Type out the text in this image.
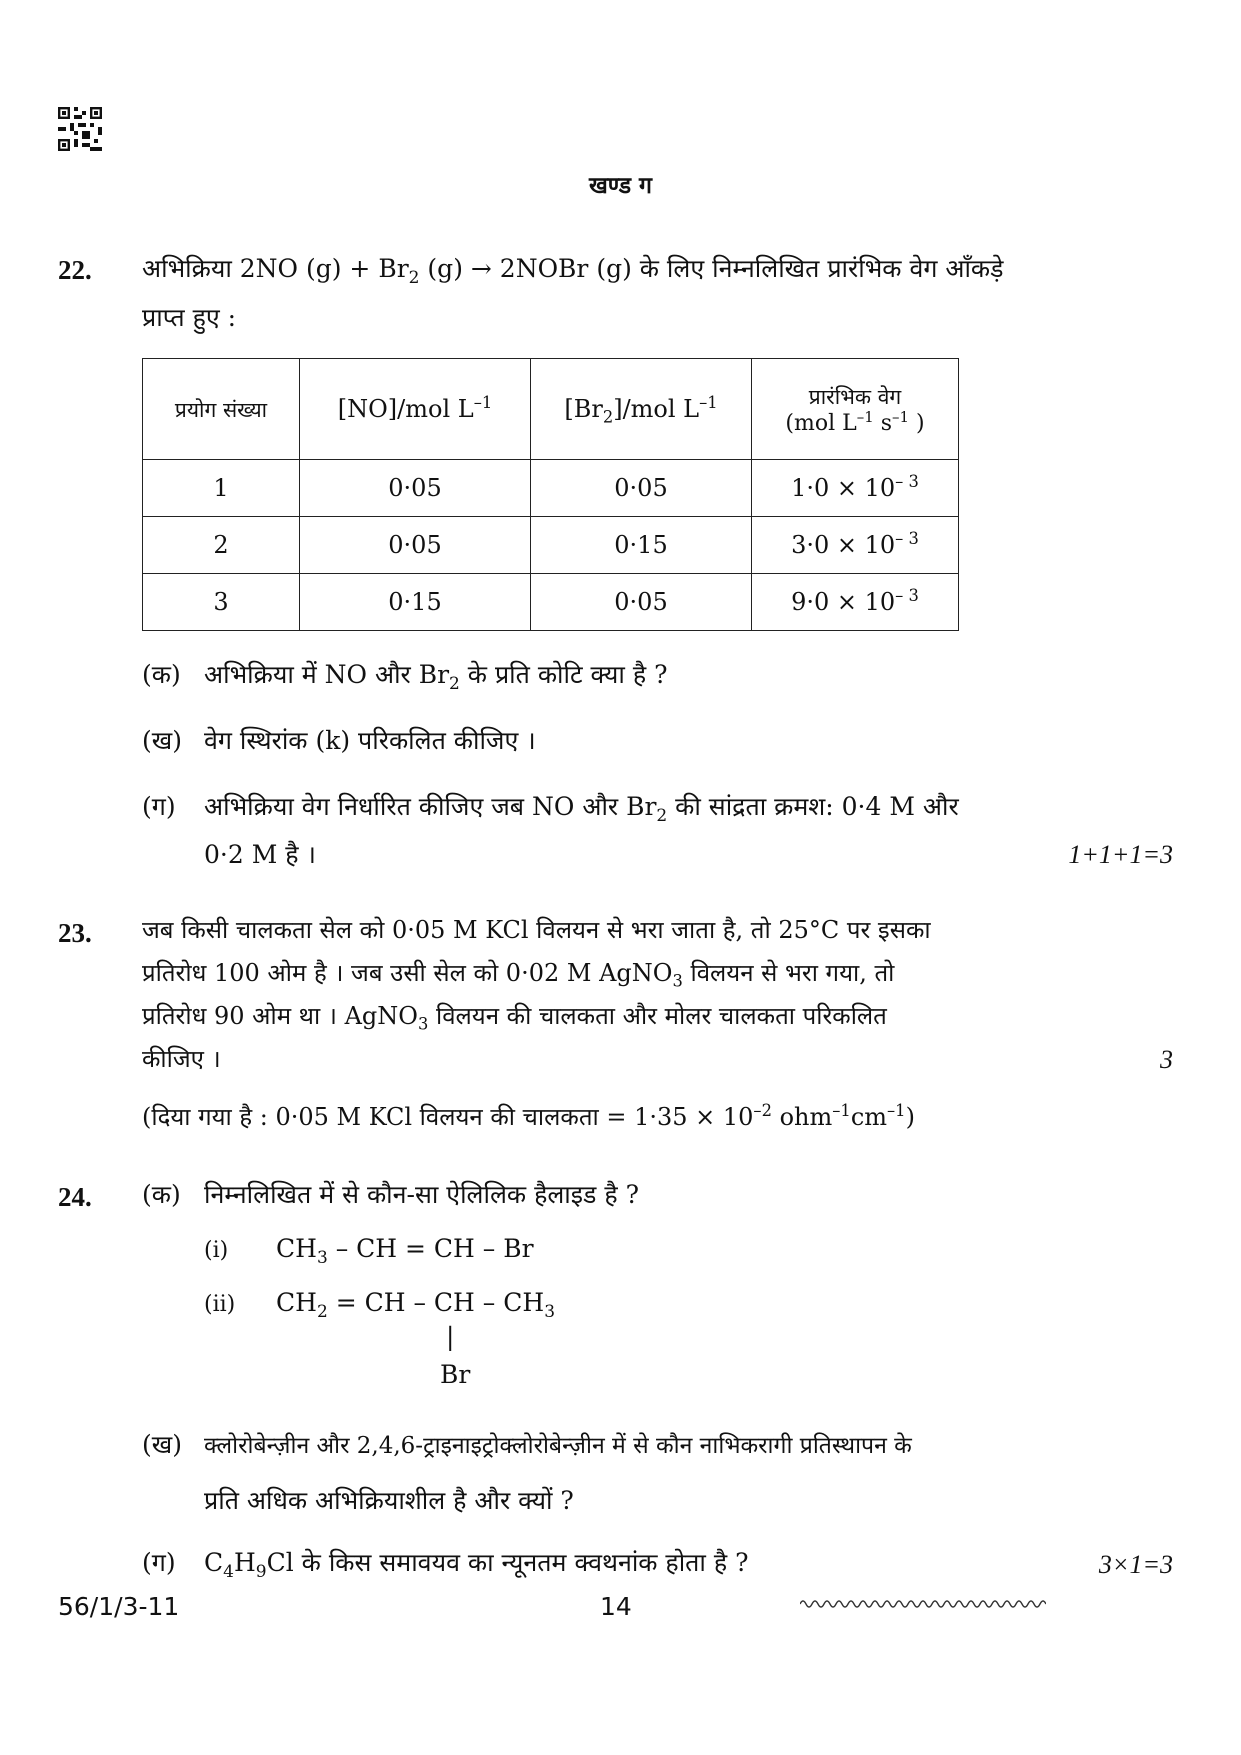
खण्ड ग
22. अभिक्रिया 2NO $(g) + Br_2$ (g) → 2NOBr (g) के लिए निम्नलिखित प्रारंभिक वेग आँकड़े
प्राप्त हुए :
प्रयोग संख्या	[NO]/mol $L^{-1}$	$[Br_2]$/mol $L^{-1}$	प्रारंभिक वेग
(mol $L^{-1}$ $s^{-1}$ )

1	0·05	0·05	$1\cdot 0 \times 10^{- 3}$
2	0·05	0·15	$3\cdot 0 \times 10^{- 3}$
3	0·15	0·05	$9\cdot 0 \times 10^{- 3}$
(क) अभिक्रिया में NO और $Br_2$ के प्रति कोटि क्या है ?
(ख) वेग स्थिरांक (k) परिकलित कीजिए ।
(ग) अभिक्रिया वेग निर्धारित कीजिए जब NO और $Br_2$ की सांद्रता क्रमश: 0·4 M और
0·2 M है ।	1+1+1=3
23. जब किसी चालकता सेल को 0·05 M KCl विलयन से भरा जाता है, तो 25°C पर इसका
प्रतिरोध 100 ओम है । जब उसी सेल को 0·02 M AgNO$_3$ विलयन से भरा गया, तो
प्रतिरोध 90 ओम था । AgNO$_3$ विलयन की चालकता और मोलर चालकता परिकलित
कीजिए ।	3
(दिया गया है : 0·05 M KCl विलयन की चालकता = $1\cdot 35 \times 10^{-2}$ $ohm^{-1}cm^{-1}$)
24. (क) निम्नलिखित में से कौन-सा ऐलिलिक हैलाइड है ?
(i) $CH_3$ – CH = CH – Br
(ii) $CH_2$ = CH – CH – $CH_3$
|
Br
(ख) क्लोरोबेन्ज़ीन और 2,4,6-ट्राइनाइट्रोक्लोरोबेन्ज़ीन में से कौन नाभिकरागी प्रतिस्थापन के
प्रति अधिक अभिक्रियाशील है और क्यों ?
(ग) $C_4H_9Cl$ के किस समावयव का न्यूनतम क्वथनांक होता है ?	3×1=3
56/1/3-11	14
